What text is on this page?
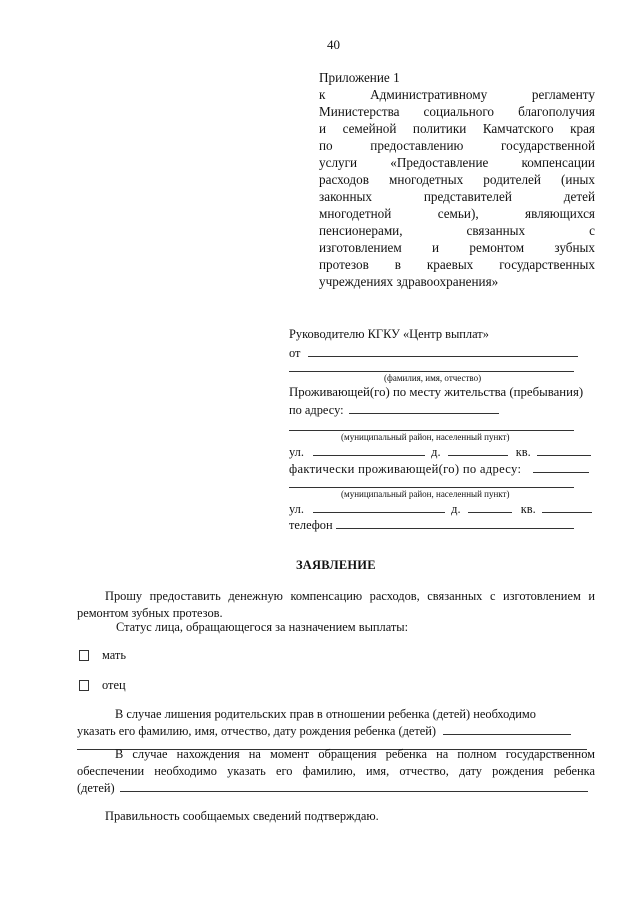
40
Приложение 1
к Административному регламенту
Министерства социального благополучия
и семейной политики Камчатского края
по предоставлению государственной
услуги «Предоставление компенсации
расходов многодетных родителей (иных
законных представителей детей
многодетной семьи), являющихся
пенсионерами, связанных с
изготовлением и ремонтом зубных
протезов в краевых государственных
учреждениях здравоохранения»
Руководителю КГКУ «Центр выплат»
от
(фамилия, имя, отчество)
Проживающей(го) по месту жительства (пребывания)
по адресу:
(муниципальный район, населенный пункт)
ул.	д.	кв.
фактически проживающей(го) по адресу:
(муниципальный район, населенный пункт)
ул.	д.	кв.
телефон
ЗАЯВЛЕНИЕ
Прошу предоставить денежную компенсацию расходов, связанных с изготовлением и
ремонтом зубных протезов.
Статус лица, обращающегося за назначением выплаты:
мать
отец
В случае лишения родительских прав в отношении ребенка (детей) необходимо
указать его фамилию, имя, отчество, дату рождения ребенка (детей)
В случае нахождения на момент обращения ребенка на полном государственном
обеспечении необходимо указать его фамилию, имя, отчество, дату рождения ребенка
(детей)
Правильность сообщаемых сведений подтверждаю.
